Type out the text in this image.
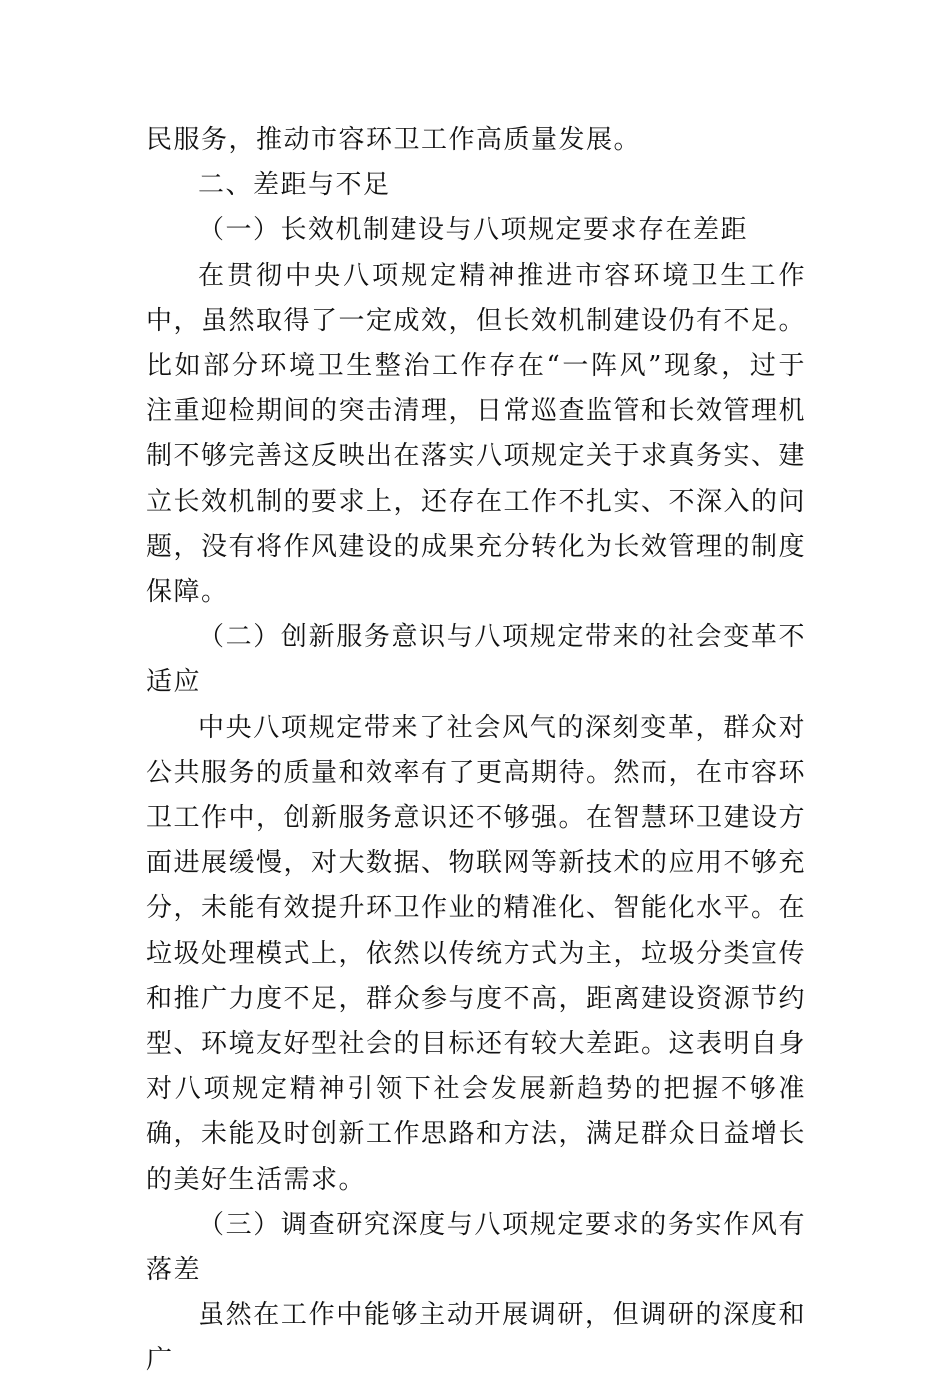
民服务，推动市容环卫工作高质量发展。

二、差距与不足

（一）长效机制建设与八项规定要求存在差距

在贯彻中央八项规定精神推进市容环境卫生工作中，虽然取得了一定成效，但长效机制建设仍有不足。比如部分环境卫生整治工作存在“一阵风”现象，过于注重迎检期间的突击清理，日常巡查监管和长效管理机制不够完善这反映出在落实八项规定关于求真务实、建立长效机制的要求上，还存在工作不扎实、不深入的问题，没有将作风建设的成果充分转化为长效管理的制度保障。

（二）创新服务意识与八项规定带来的社会变革不适应

中央八项规定带来了社会风气的深刻变革，群众对公共服务的质量和效率有了更高期待。然而，在市容环卫工作中，创新服务意识还不够强。在智慧环卫建设方面进展缓慢，对大数据、物联网等新技术的应用不够充分，未能有效提升环卫作业的精准化、智能化水平。在垃圾处理模式上，依然以传统方式为主，垃圾分类宣传和推广力度不足，群众参与度不高，距离建设资源节约型、环境友好型社会的目标还有较大差距。这表明自身对八项规定精神引领下社会发展新趋势的把握不够准确，未能及时创新工作思路和方法，满足群众日益增长的美好生活需求。

（三）调查研究深度与八项规定要求的务实作风有落差

虽然在工作中能够主动开展调研，但调研的深度和广
